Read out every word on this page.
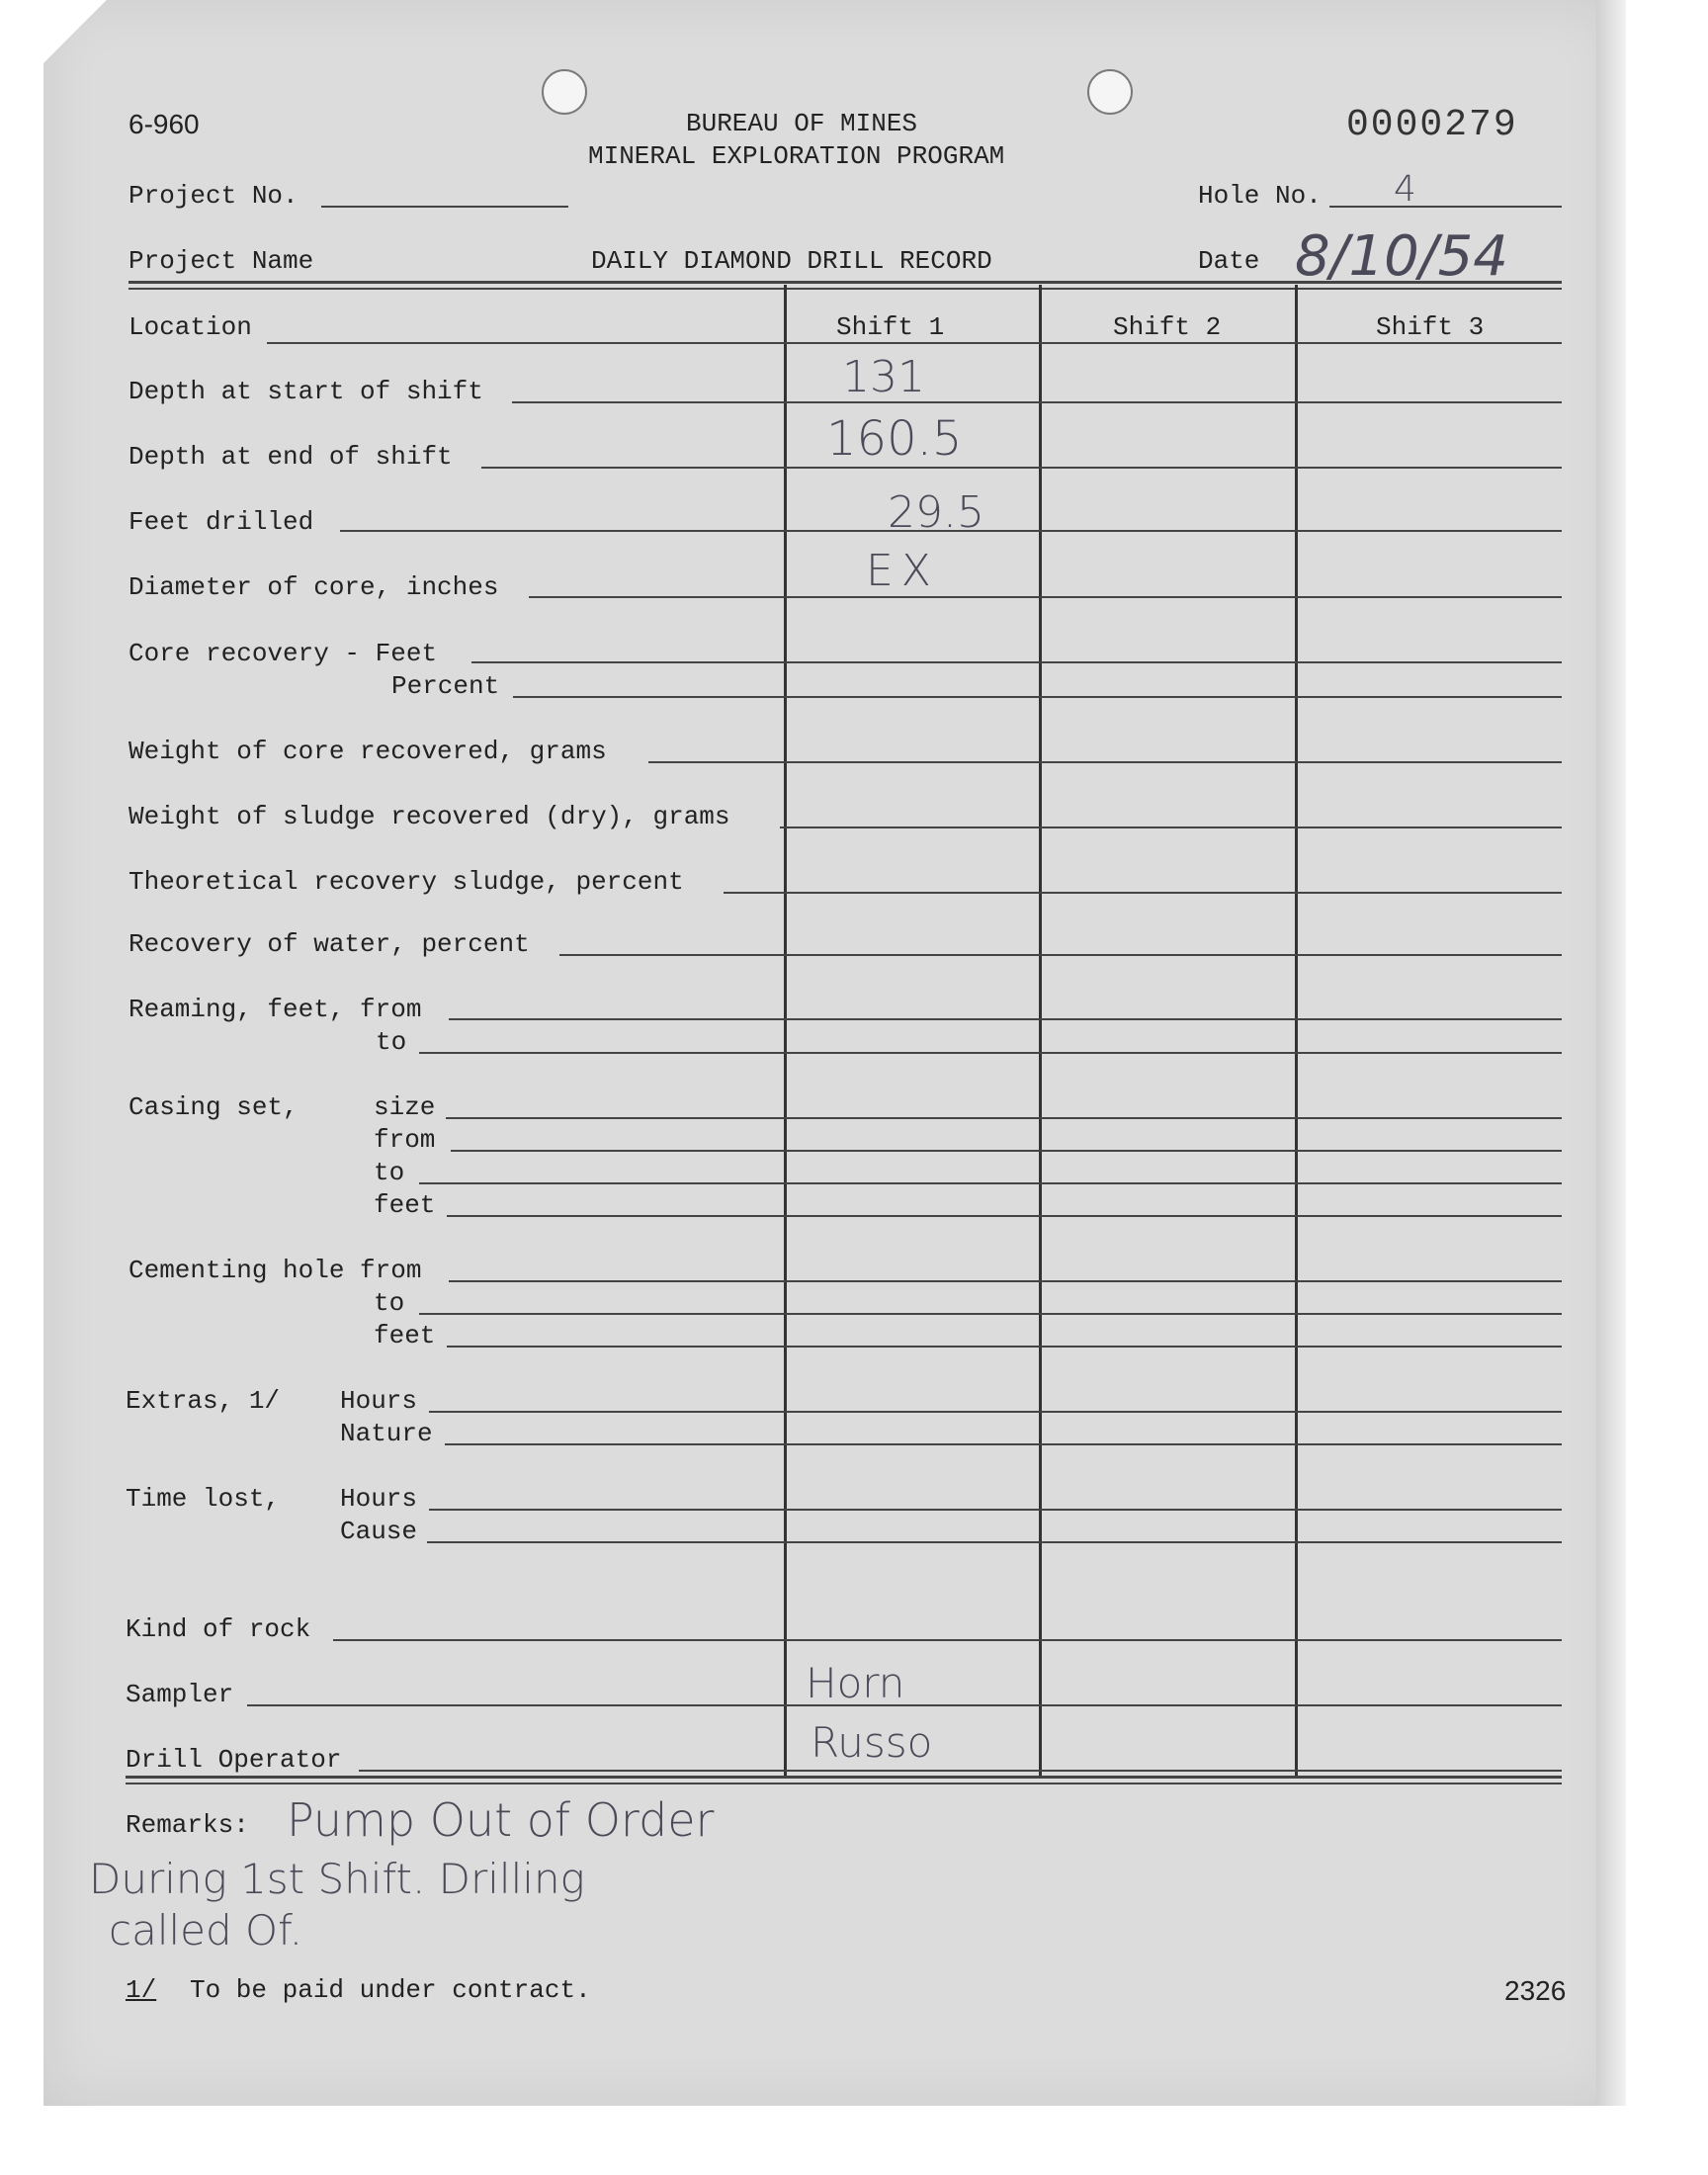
6-960	BUREAU OF MINES
MINERAL EXPLORATION PROGRAM
0000279
Project No.	Hole No. 4
Project Name	DAILY DIAMOND DRILL RECORD	Date 8/10/54
Shift 1	Shift 2	Shift 3
Location
Depth at start of shift	131
Depth at end of shift	160.5
Feet drilled	29.5
Diameter of core, inches	EX
Core recovery - Feet
Percent
Weight of core recovered, grams
Weight of sludge recovered (dry), grams
Theoretical recovery sludge, percent
Recovery of water, percent
Reaming, feet, from
to
Casing set,	size
from
to
feet
Cementing hole from
to
feet
Extras, 1/ Hours
Nature
Time lost, Hours
Cause
Kind of rock
Sampler	Horn
Drill Operator	Russo
Remarks: Pump Out of Order
During 1st Shift. Drilling
called Of.
1/ To be paid under contract.	2326
